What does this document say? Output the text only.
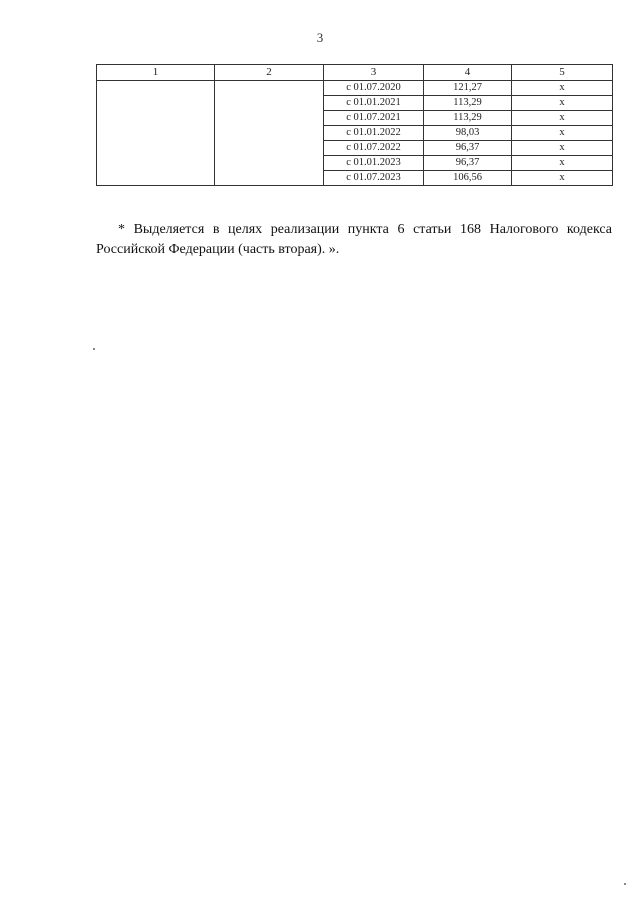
3
1	2	3	4	5
		с 01.07.2020	121,27	х
		с 01.01.2021	113,29	х
		с 01.07.2021	113,29	х
		с 01.01.2022	98,03	х
		с 01.07.2022	96,37	х
		с 01.01.2023	96,37	х
		с 01.07.2023	106,56	х

* Выделяется в целях реализации пункта 6 статьи 168 Налогового кодекса Российской Федерации (часть вторая). ».
